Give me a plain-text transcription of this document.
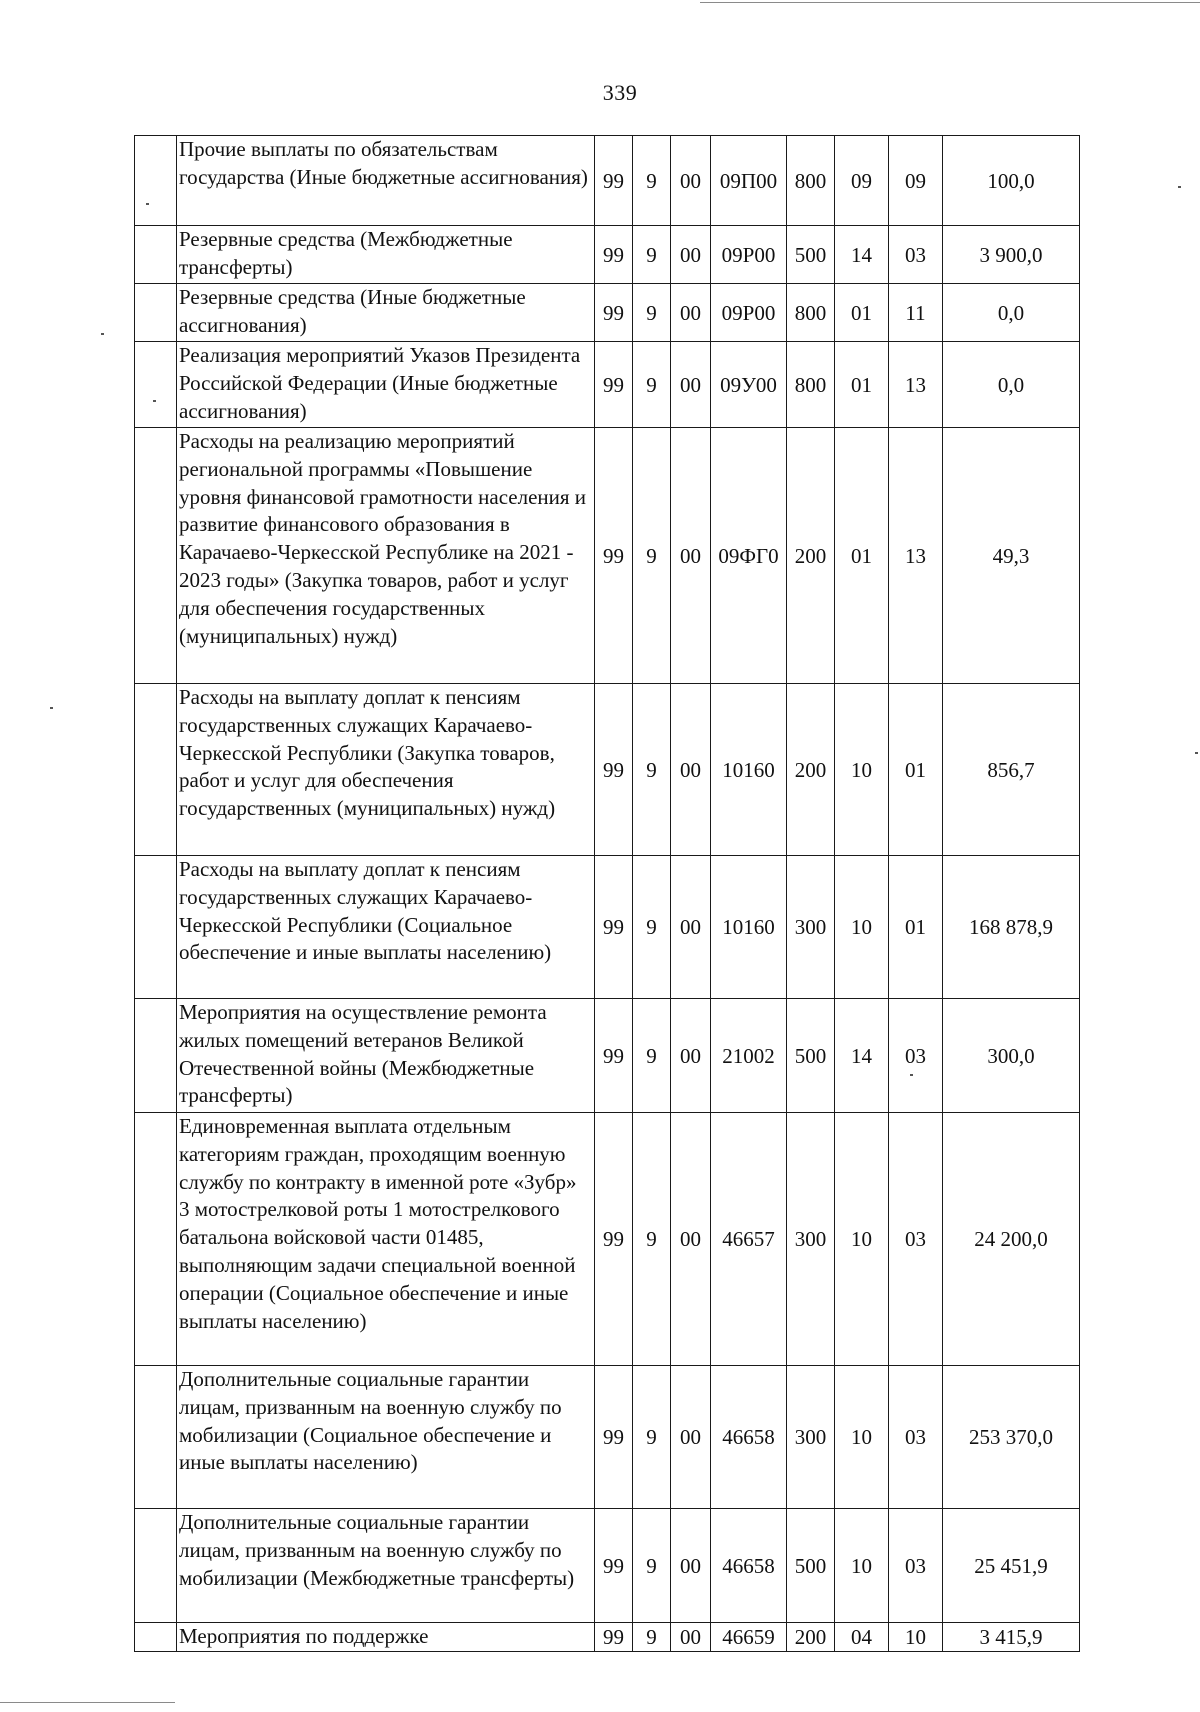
339
	Прочие выплаты по обязательствам государства (Иные бюджетные ассигнования)	99	9	00	09П00	800	09	09	100,0
	Резервные средства (Межбюджетные трансферты)	99	9	00	09Р00	500	14	03	3 900,0
	Резервные средства (Иные бюджетные ассигнования)	99	9	00	09Р00	800	01	11	0,0
	Реализация мероприятий Указов Президента Российской Федерации (Иные бюджетные ассигнования)	99	9	00	09У00	800	01	13	0,0
	Расходы на реализацию мероприятий региональной программы «Повышение уровня финансовой грамотности населения и развитие финансового образования в Карачаево-Черкесской Республике на 2021 - 2023 годы» (Закупка товаров, работ и услуг для обеспечения государственных (муниципальных) нужд)	99	9	00	09ФГ0	200	01	13	49,3
	Расходы на выплату доплат к пенсиям государственных служащих Карачаево-Черкесской Республики (Закупка товаров, работ и услуг для обеспечения государственных (муниципальных) нужд)	99	9	00	10160	200	10	01	856,7
	Расходы на выплату доплат к пенсиям государственных служащих Карачаево-Черкесской Республики (Социальное обеспечение и иные выплаты населению)	99	9	00	10160	300	10	01	168 878,9
	Мероприятия на осуществление ремонта жилых помещений ветеранов Великой Отечественной войны (Межбюджетные трансферты)	99	9	00	21002	500	14	03	300,0
	Единовременная выплата отдельным категориям граждан, проходящим военную службу по контракту в именной роте «Зубр» 3 мотострелковой роты 1 мотострелкового батальона войсковой части 01485, выполняющим задачи специальной военной операции (Социальное обеспечение и иные выплаты населению)	99	9	00	46657	300	10	03	24 200,0
	Дополнительные социальные гарантии лицам, призванным на военную службу по мобилизации (Социальное обеспечение и иные выплаты населению)	99	9	00	46658	300	10	03	253 370,0
	Дополнительные социальные гарантии лицам, призванным на военную службу по мобилизации (Межбюджетные трансферты)	99	9	00	46658	500	10	03	25 451,9
	Мероприятия по поддержке	99	9	00	46659	200	04	10	3 415,9
